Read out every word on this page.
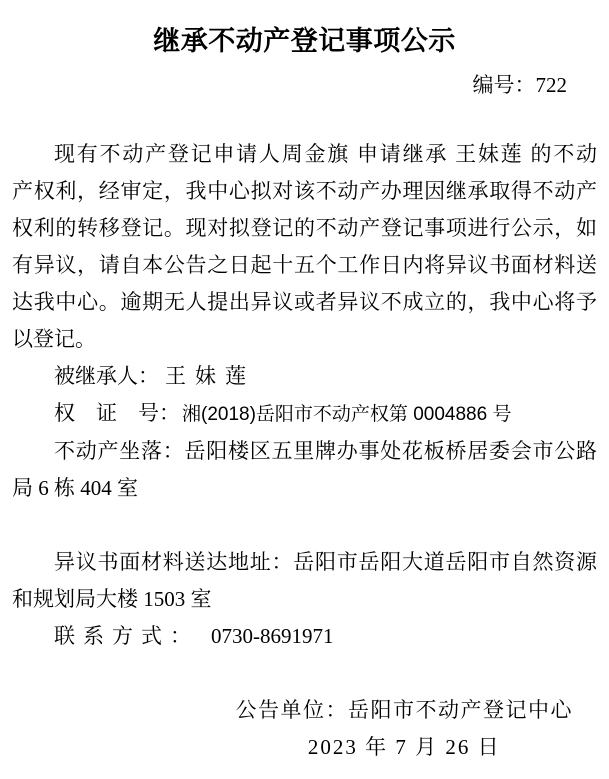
继承不动产登记事项公示
编号：722
现有不动产登记申请人周金旗 申请继承 王妹莲 的不动
产权利，经审定，我中心拟对该不动产办理因继承取得不动产
权利的转移登记。现对拟登记的不动产登记事项进行公示，如
有异议，请自本公告之日起十五个工作日内将异议书面材料送
达我中心。逾期无人提出异议或者异议不成立的，我中心将予
以登记。
被继承人： 王妹莲
权　证　号： 湘(2018)岳阳市不动产权第 0004886 号
不动产坐落：岳阳楼区五里牌办事处花板桥居委会市公路
局 6 栋 404 室
异议书面材料送达地址：岳阳市岳阳大道岳阳市自然资源
和规划局大楼 1503 室
联系方式： 0730-8691971
公告单位：岳阳市不动产登记中心
2023 年 7 月 26 日
